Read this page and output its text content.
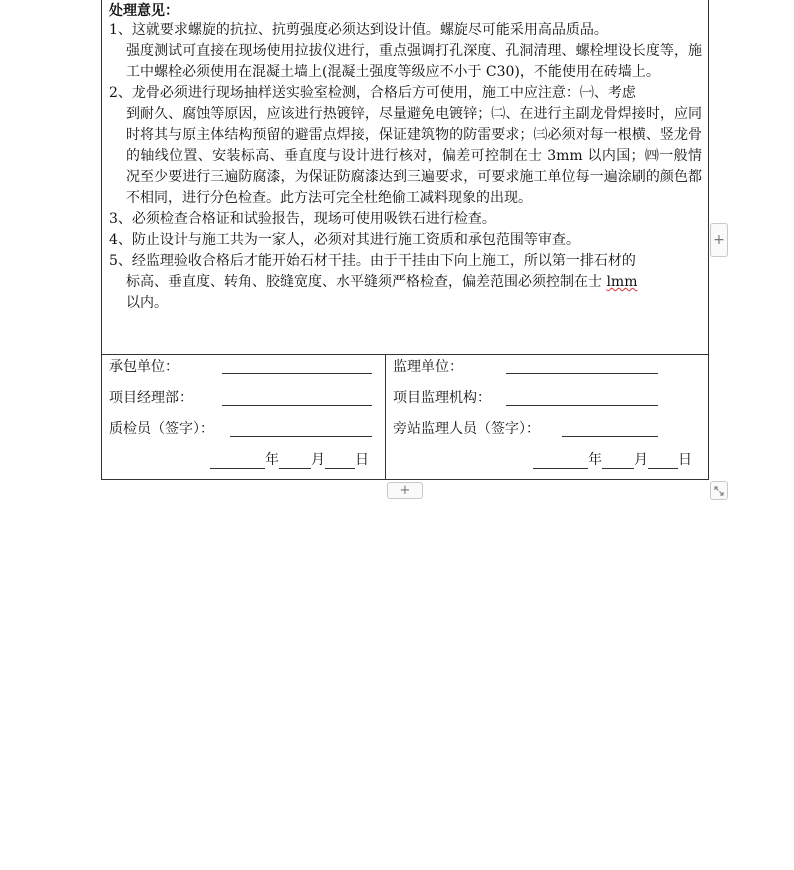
处理意见：
1、这就要求螺旋的抗拉、抗剪强度必须达到设计值。螺旋尽可能采用高品质品。
强度测试可直接在现场使用拉拔仪进行，重点强调打孔深度、孔洞清理、螺栓埋设长度等，施工中螺栓必须使用在混凝土墙上(混凝土强度等级应不小于 C30)，不能使用在砖墙上。
2、龙骨必须进行现场抽样送实验室检测，合格后方可使用，施工中应注意：㈠、考虑
到耐久、腐蚀等原因，应该进行热镀锌，尽量避免电镀锌；㈡、在进行主副龙骨焊接时，应同时将其与原主体结构预留的避雷点焊接，保证建筑物的防雷要求；㈢必须对每一根横、竖龙骨的轴线位置、安装标高、垂直度与设计进行核对，偏差可控制在士 3mm 以内国；㈣一般情况至少要进行三遍防腐漆，为保证防腐漆达到三遍要求，可要求施工单位每一遍涂刷的颜色都不相同，进行分色检查。此方法可完全杜绝偷工减料现象的出现。
3、必须检查合格证和试验报告，现场可使用吸铁石进行检查。
4、防止设计与施工共为一家人，必须对其进行施工资质和承包范围等审查。
5、经监理验收合格后才能开始石材干挂。由于干挂由下向上施工，所以第一排石材的
标高、垂直度、转角、胶缝宽度、水平缝须严格检查，偏差范围必须控制在士 lmm
以内。
承包单位：
项目经理部：
质检员（签字）：
年 月 日
监理单位：
项目监理机构：
旁站监理人员（签字）：
年 月 日
+
+
